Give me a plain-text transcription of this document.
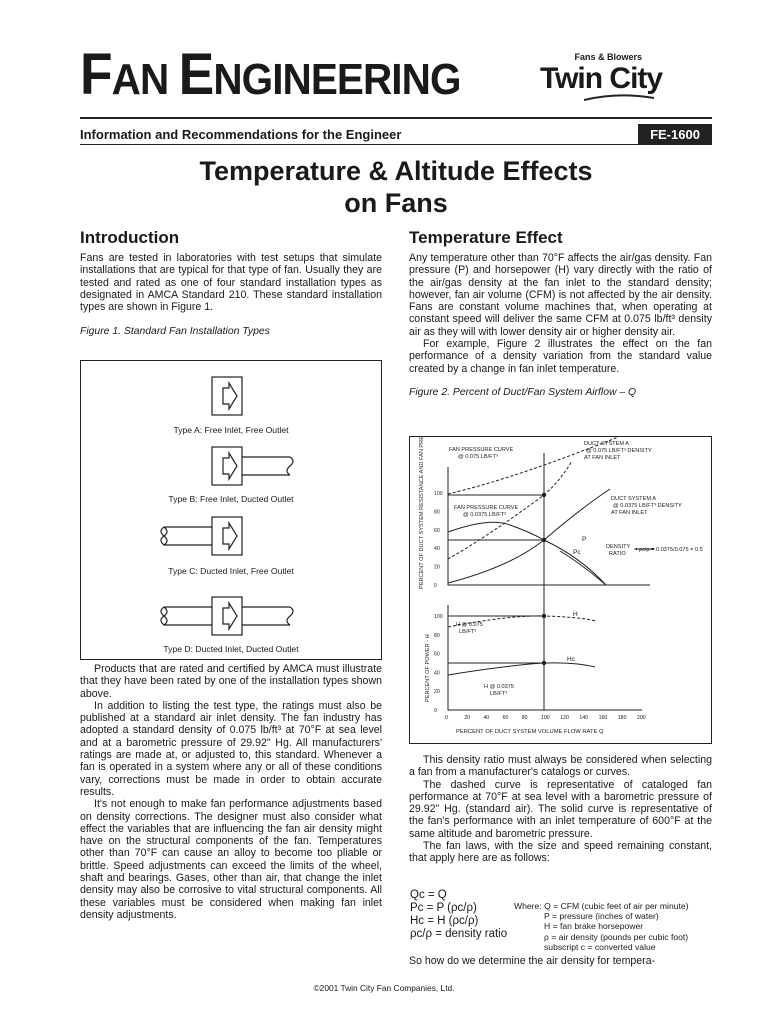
FAN ENGINEERING	Fans & Blowers
Twin City
Information and Recommendations for the Engineer	FE-1600
Temperature & Altitude Effects
on Fans
Introduction

Fans are tested in laboratories with test setups that simulate installations that are typical for that type of fan. Usually they are tested and rated as one of four standard installation types as designated in AMCA Standard 210. These standard installation types are shown in Figure 1.

Figure 1. Standard Fan Installation Types
Type A: Free Inlet, Free Outlet
Type B: Free Inlet, Ducted Outlet
Type C: Ducted Inlet, Free Outlet
Type D: Ducted Inlet, Ducted Outlet

Products that are rated and certified by AMCA must illustrate that they have been rated by one of the installation types shown above.

In addition to listing the test type, the ratings must also be published at a standard air inlet density. The fan industry has adopted a standard density of 0.075 lb/ft³ at 70°F at sea level and at a barometric pressure of 29.92" Hg. All manufacturers' ratings are made at, or adjusted to, this standard. Whenever a fan is operated in a system where any or all of these conditions vary, corrections must be made in order to obtain accurate results.

It's not enough to make fan performance adjustments based on density corrections. The designer must also consider what effect the variables that are influencing the fan air density might have on the structural components of the fan. Temperatures other than 70°F can cause an alloy to become too pliable or brittle. Speed adjustments can exceed the limits of the wheel, shaft and bearings. Gases, other than air, that change the inlet density may also be corrosive to vital structural components. All these variables must be considered when making fan inlet density adjustments.

Temperature Effect

Any temperature other than 70°F affects the air/gas density. Fan pressure (P) and horsepower (H) vary directly with the ratio of the air/gas density at the fan inlet to the standard density; however, fan air volume (CFM) is not affected by the air density. Fans are constant volume machines that, when operating at constant speed will deliver the same CFM at 0.075 lb/ft³ density air as they will with lower density air or higher density air.

For example, Figure 2 illustrates the effect on the fan performance of a density variation from the standard value created by a change in fan inlet temperature.

Figure 2. Percent of Duct/Fan System Airflow – Q
FAN PRESSURE CURVE
@ 0.075 LB/FT³
DUCT SYSTEM A
@ 0.075 LB/FT³ DENSITY
AT FAN INLET
FAN PRESSURE CURVE
@ 0.0375 LB/FT³
DUCT SYSTEM A
@ 0.0375 LB/FT³ DENSITY
AT FAN INLET
P
Pc
DENSITY
RATIO
= ρc/ρ = 0.0375/0.075 = 0.5
H
Hc
H @ 0.075
LB/FT³
H @ 0.0375
LB/FT³
PERCENT OF DUCT SYSTEM VOLUME FLOW RATE Q
PERCENT OF DUCT SYSTEM RESISTANCE AND FAN PRESSURE - P
PERCENT OF POWER - H
0	20	40	60	80	100 120 140 160 180 200
0
0
20
20
40
40
60
60
80
80
100
100

This density ratio must always be considered when selecting a fan from a manufacturer's catalogs or curves.

The dashed curve is representative of cataloged fan performance at 70°F at sea level with a barometric pressure of 29.92" Hg. (standard air). The solid curve is representative of the fan's performance with an inlet temperature of 600°F at the same altitude and barometric pressure.

The fan laws, with the size and speed remaining constant, that apply here are as follows:

Qc = Q
Pc = P (ρc/ρ)
Hc = H (ρc/ρ)
ρc/ρ = density ratio
Where: Q = CFM (cubic feet of air per minute)
P = pressure (inches of water)
H = fan brake horsepower
ρ = air density (pounds per cubic foot)
subscript c = converted value

So how do we determine the air density for tempera-

©2001 Twin City Fan Companies, Ltd.
